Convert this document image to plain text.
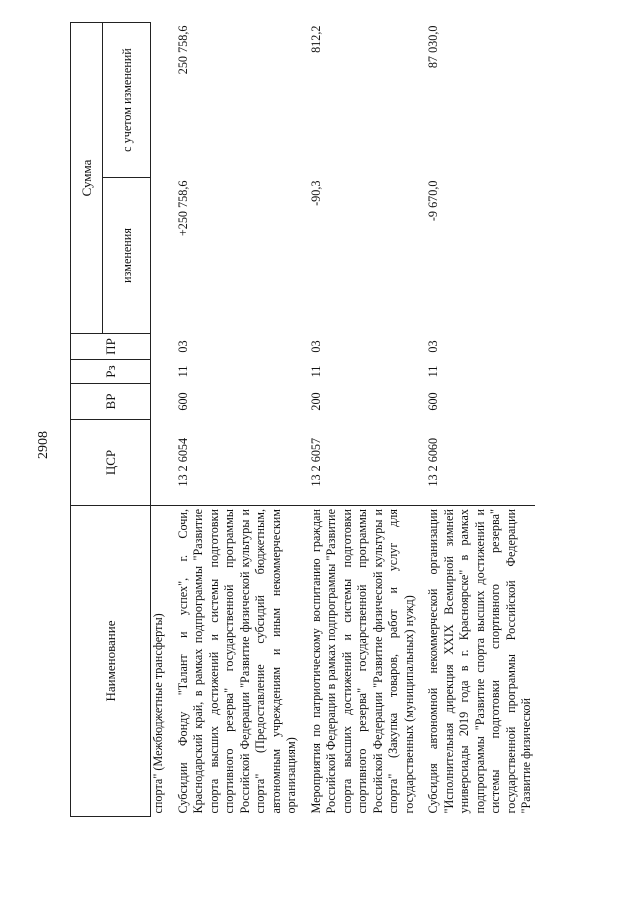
2908
Наименование	ЦСР	ВР	Рз	ПР	Сумма	
					изменения	с учетом изменений
спорта" (Межбюджетные трансферты)						

Субсидии Фонду "Талант и успех", г. Сочи, Краснодарский край, в рамках подпрограммы "Развитие спорта высших достижений и системы подготовки спортивного резерва" государственной программы Российской Федерации "Развитие физической культуры и спорта" (Предоставление субсидий бюджетным, автономным учреждениям и иным некоммерческим организациям)	13 2 6054	600	11	03	+250 758,6	250 758,6

Мероприятия по патриотическому воспитанию граждан Российской Федерации в рамках подпрограммы "Развитие спорта высших достижений и системы подготовки спортивного резерва" государственной программы Российской Федерации "Развитие физической культуры и спорта" (Закупка товаров, работ и услуг для государственных (муниципальных) нужд)	13 2 6057	200	11	03	-90,3	812,2

Субсидия автономной некоммерческой организации "Исполнительная дирекция XXIX Всемирной зимней универсиады 2019 года в г. Красноярске" в рамках подпрограммы "Развитие спорта высших достижений и системы подготовки спортивного резерва" государственной программы Российской Федерации "Развитие физической	13 2 6060	600	11	03	-9 670,0	87 030,0
